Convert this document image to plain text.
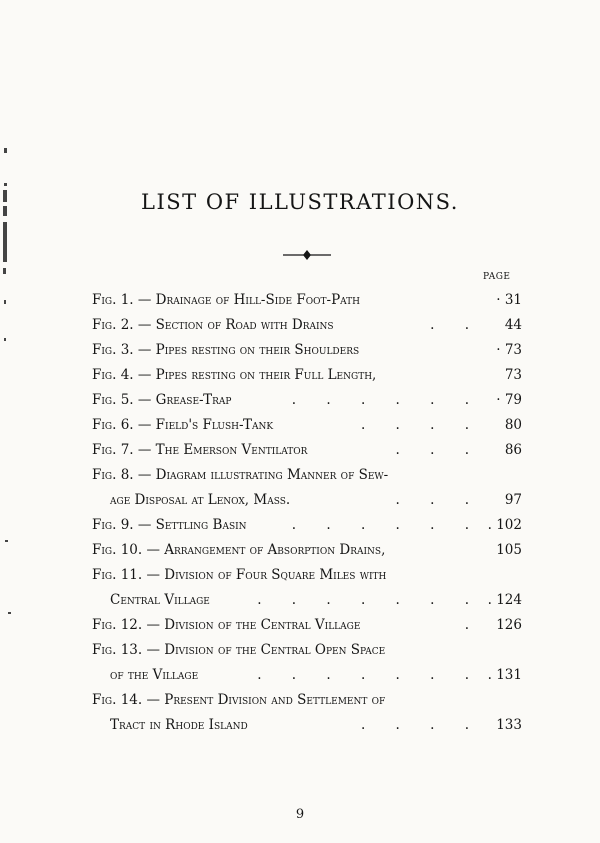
LIST OF ILLUSTRATIONS.
PAGE
Fig. 1. — Drainage of Hill-Side Foot-Path	· 31
Fig. 2. — Section of Road with Drains	. .	44
Fig. 3. — Pipes resting on their Shoulders	· 73
Fig. 4. — Pipes resting on their Full Length,	73
Fig. 5. — Grease-Trap	. . . . . .	· 79
Fig. 6. — Field's Flush-Tank	. . . .	80
Fig. 7. — The Emerson Ventilator	. . .	86
Fig. 8. — Diagram illustrating Manner of Sew-
age Disposal at Lenox, Mass.	. . .	97
Fig. 9. — Settling Basin	. . . . . . . 102
Fig. 10. — Arrangement of Absorption Drains,	105
Fig. 11. — Division of Four Square Miles with
Central Village	. . . . . . . . 124
Fig. 12. — Division of the Central Village	.	126
Fig. 13. — Division of the Central Open Space
of the Village	. . . . . . . . 131
Fig. 14. — Present Division and Settlement of
Tract in Rhode Island	. . . .	133
9
